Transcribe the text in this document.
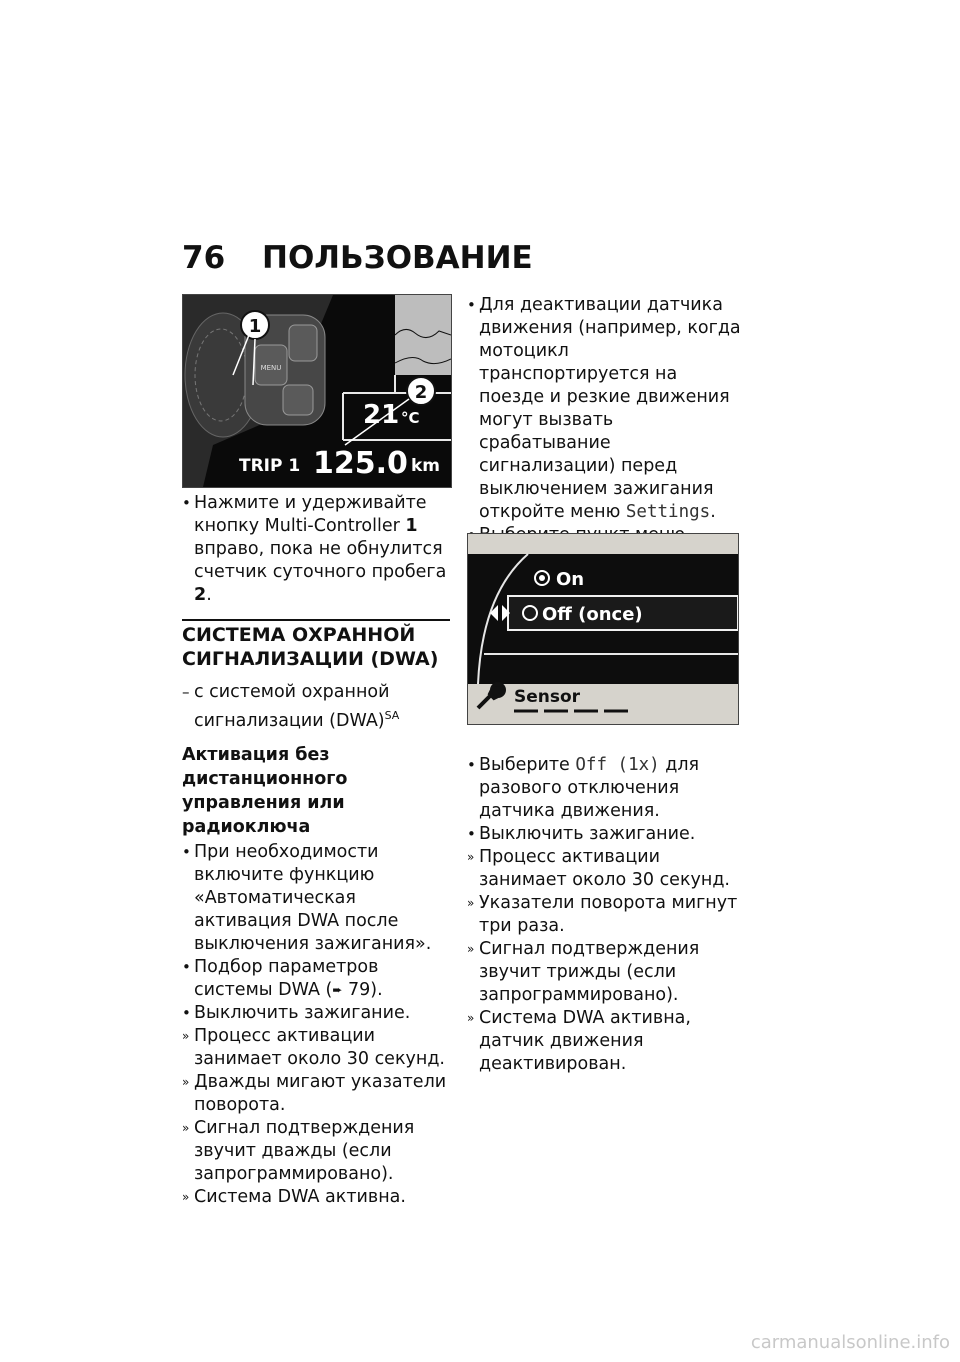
76 ПОЛЬЗОВАНИЕ
MENU
1
2
21 °C
TRIP 1 125.0 km

• Нажмите и удерживайте кнопку Multi-Controller 1 вправо, пока не обнулится счетчик суточного пробега 2.

СИСТЕМА ОХРАННОЙ СИГНАЛИЗАЦИИ (DWA)

– с системой охранной сигнализации (DWA)$^{SA}$

Активация без дистанционного управления или радиоключа

• При необходимости включите функцию «Автоматическая активация DWA после выключения зажигания».

• Подбор параметров системы DWA (➨ 79).

• Выключить зажигание.

» Процесс активации занимает около 30 секунд.

» Дважды мигают указатели поворота.

» Сигнал подтверждения звучит дважды (если запрограммировано).

» Система DWA активна.

• Для деактивации датчика движения (например, когда мотоцикл транспортируется на поезде и резкие движения могут вызвать срабатывание сигнализации) перед выключением зажигания откройте меню Settings.

On
Off (once)
Sensor

• Выберите Off (1x) для разового отключения датчика движения.

• Выключить зажигание.

» Процесс активации занимает около 30 секунд.

» Указатели поворота мигнут три раза.

» Сигнал подтверждения звучит трижды (если запрограммировано).

» Система DWA активна, датчик движения деактивирован.

carmanualsonline.info
